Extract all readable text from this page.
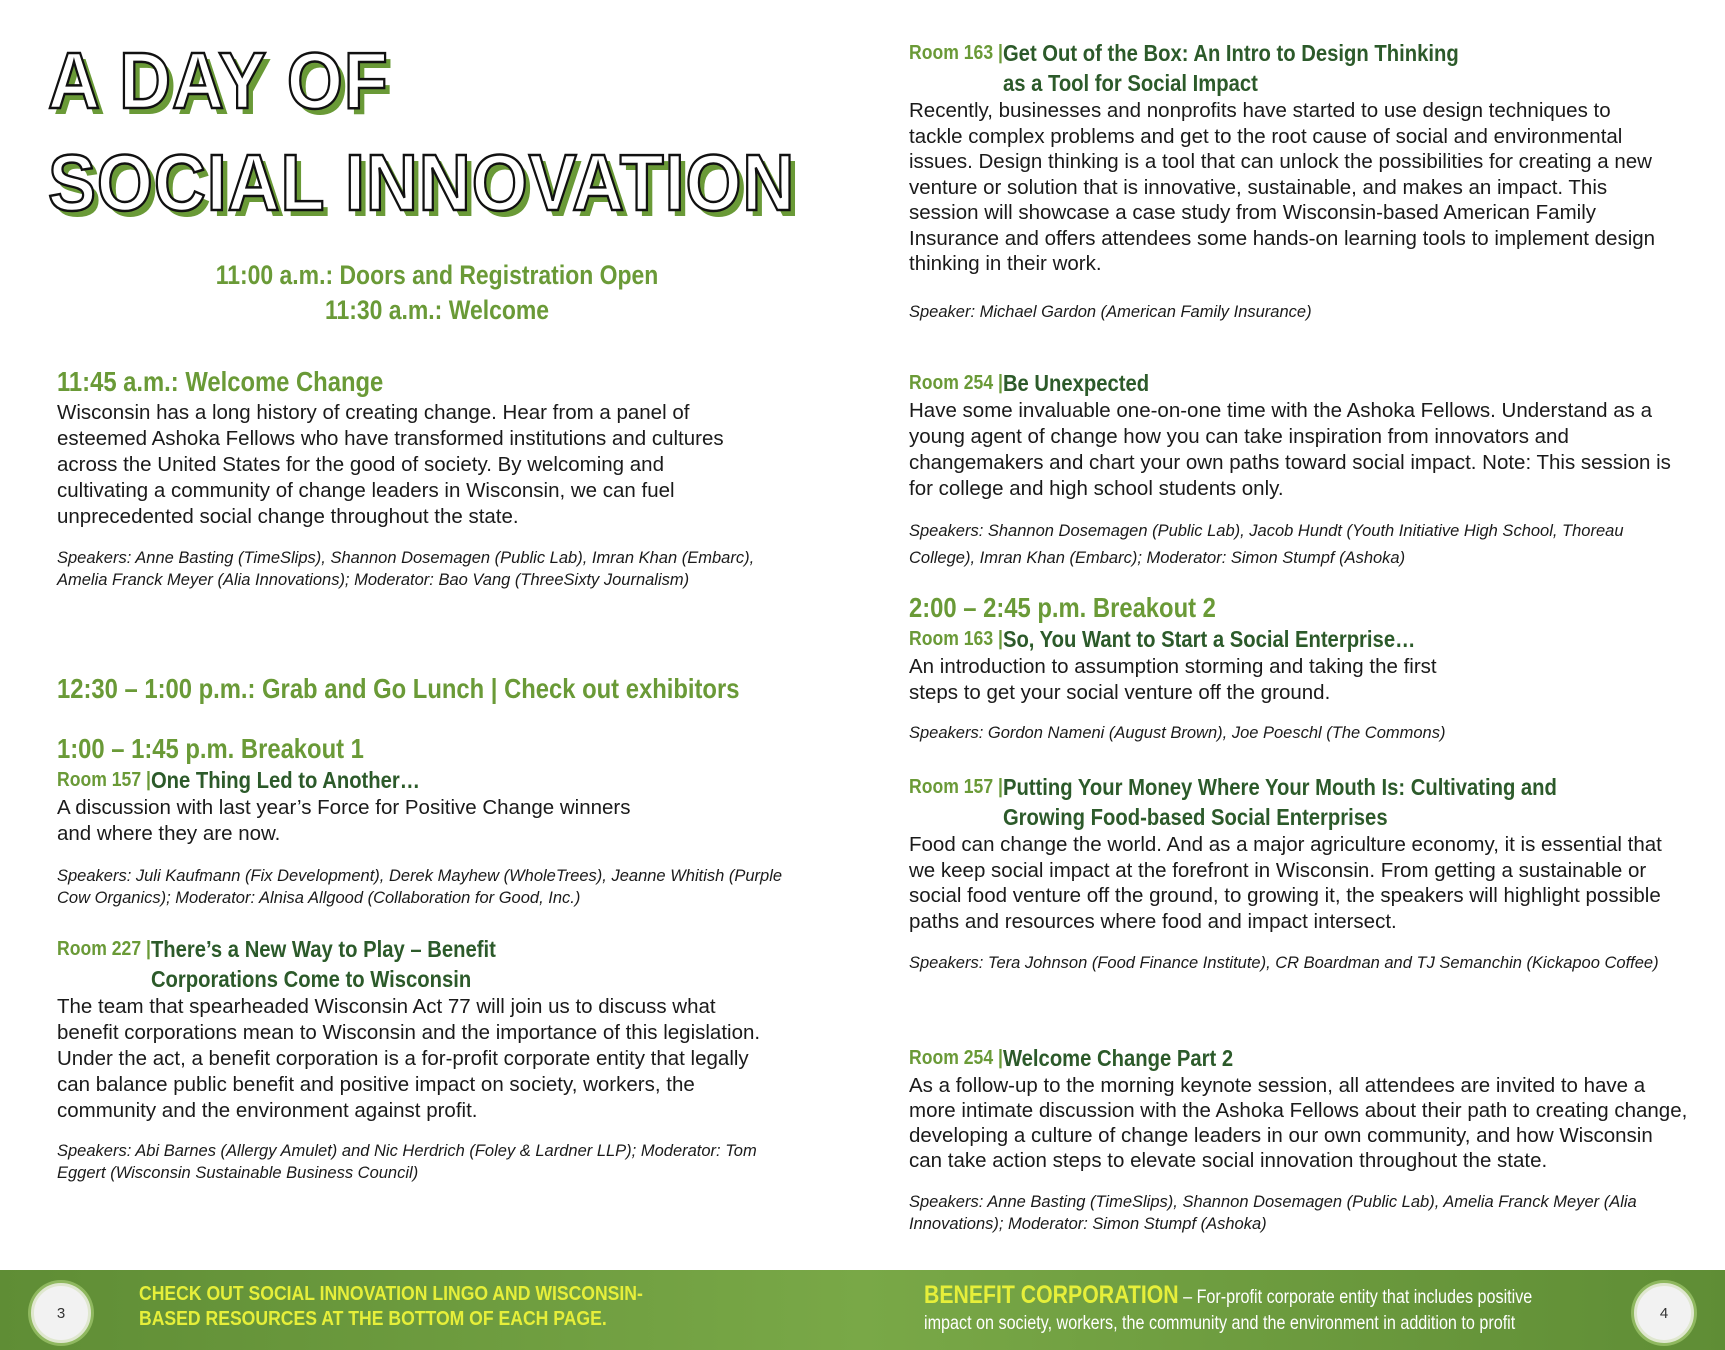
A DAY OF
SOCIAL INNOVATION
11:00 a.m.: Doors and Registration Open
11:30 a.m.: Welcome
11:45 a.m.: Welcome Change

Wisconsin has a long history of creating change. Hear from a panel of esteemed Ashoka Fellows who have transformed institutions and cultures across the United States for the good of society. By welcoming and cultivating a community of change leaders in Wisconsin, we can fuel unprecedented social change throughout the state.

Speakers: Anne Basting (TimeSlips), Shannon Dosemagen (Public Lab), Imran Khan (Embarc), Amelia Franck Meyer (Alia Innovations); Moderator: Bao Vang (ThreeSixty Journalism)

12:30 – 1:00 p.m.: Grab and Go Lunch | Check out exhibitors
1:00 – 1:45 p.m. Breakout 1
Room 157 | One Thing Led to Another…

A discussion with last year’s Force for Positive Change winners and where they are now.

Speakers: Juli Kaufmann (Fix Development), Derek Mayhew (WholeTrees), Jeanne Whitish (Purple Cow Organics); Moderator: Alnisa Allgood (Collaboration for Good, Inc.)

Room 227 | There’s a New Way to Play – Benefit
Corporations Come to Wisconsin

The team that spearheaded Wisconsin Act 77 will join us to discuss what benefit corporations mean to Wisconsin and the importance of this legislation. Under the act, a benefit corporation is a for-profit corporate entity that legally can balance public benefit and positive impact on society, workers, the community and the environment against profit.

Speakers: Abi Barnes (Allergy Amulet) and Nic Herdrich (Foley & Lardner LLP); Moderator: Tom Eggert (Wisconsin Sustainable Business Council)

Room 163 | Get Out of the Box: An Intro to Design Thinking
as a Tool for Social Impact

Recently, businesses and nonprofits have started to use design techniques to tackle complex problems and get to the root cause of social and environmental issues. Design thinking is a tool that can unlock the possibilities for creating a new venture or solution that is innovative, sustainable, and makes an impact. This session will showcase a case study from Wisconsin-based American Family Insurance and offers attendees some hands-on learning tools to implement design thinking in their work.

Speaker: Michael Gardon (American Family Insurance)

Room 254 | Be Unexpected

Have some invaluable one-on-one time with the Ashoka Fellows. Understand as a young agent of change how you can take inspiration from innovators and changemakers and chart your own paths toward social impact. Note: This session is for college and high school students only.

Speakers: Shannon Dosemagen (Public Lab), Jacob Hundt (Youth Initiative High School, Thoreau College), Imran Khan (Embarc); Moderator: Simon Stumpf (Ashoka)

2:00 – 2:45 p.m. Breakout 2
Room 163 | So, You Want to Start a Social Enterprise…

An introduction to assumption storming and taking the first steps to get your social venture off the ground.

Speakers: Gordon Nameni (August Brown), Joe Poeschl (The Commons)

Room 157 | Putting Your Money Where Your Mouth Is: Cultivating and
Growing Food-based Social Enterprises

Food can change the world. And as a major agriculture economy, it is essential that we keep social impact at the forefront in Wisconsin. From getting a sustainable or social food venture off the ground, to growing it, the speakers will highlight possible paths and resources where food and impact intersect.

Speakers: Tera Johnson (Food Finance Institute), CR Boardman and TJ Semanchin (Kickapoo Coffee)

Room 254 | Welcome Change Part 2

As a follow-up to the morning keynote session, all attendees are invited to have a more intimate discussion with the Ashoka Fellows about their path to creating change, developing a culture of change leaders in our own community, and how Wisconsin can take action steps to elevate social innovation throughout the state.

Speakers: Anne Basting (TimeSlips), Shannon Dosemagen (Public Lab), Amelia Franck Meyer (Alia Innovations); Moderator: Simon Stumpf (Ashoka)

3
CHECK OUT SOCIAL INNOVATION LINGO AND WISCONSIN-BASED RESOURCES AT THE BOTTOM OF EACH PAGE.
BENEFIT CORPORATION – For-profit corporate entity that includes positive impact on society, workers, the community and the environment in addition to profit	4
